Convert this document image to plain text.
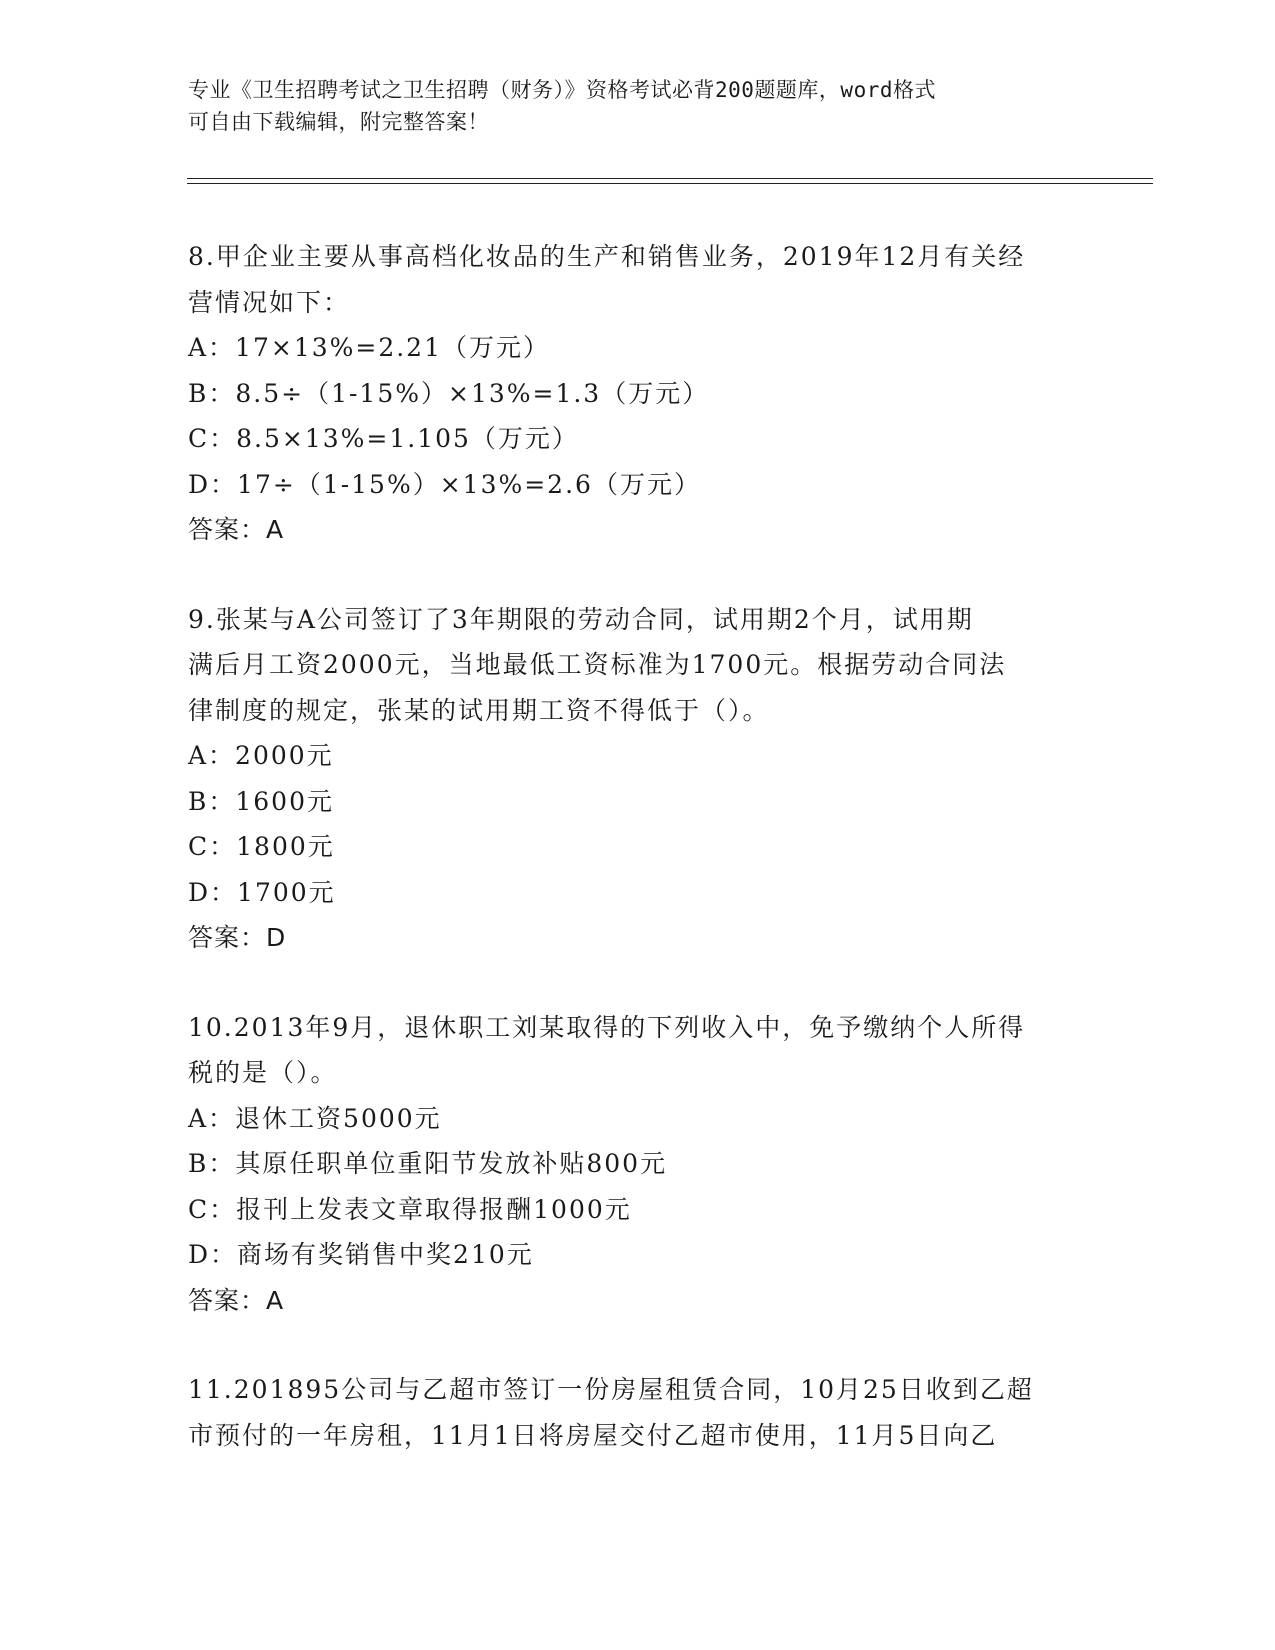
专业《卫生招聘考试之卫生招聘（财务）》资格考试必背200题题库，word格式
可自由下载编辑，附完整答案！
8.甲企业主要从事高档化妆品的生产和销售业务，2019年12月有关经
营情况如下：
A：17×13%=2.21（万元）
B：8.5÷（1-15%）×13%=1.3（万元）
C：8.5×13%=1.105（万元）
D：17÷（1-15%）×13%=2.6（万元）
答案：A
9.张某与A公司签订了3年期限的劳动合同，试用期2个月，试用期
满后月工资2000元，当地最低工资标准为1700元。根据劳动合同法
律制度的规定，张某的试用期工资不得低于（）。
A：2000元
B：1600元
C：1800元
D：1700元
答案：D
10.2013年9月，退休职工刘某取得的下列收入中，免予缴纳个人所得
税的是（）。
A：退休工资5000元
B：其原任职单位重阳节发放补贴800元
C：报刊上发表文章取得报酬1000元
D：商场有奖销售中奖210元
答案：A
11.201895公司与乙超市签订一份房屋租赁合同，10月25日收到乙超
市预付的一年房租，11月1日将房屋交付乙超市使用，11月5日向乙
